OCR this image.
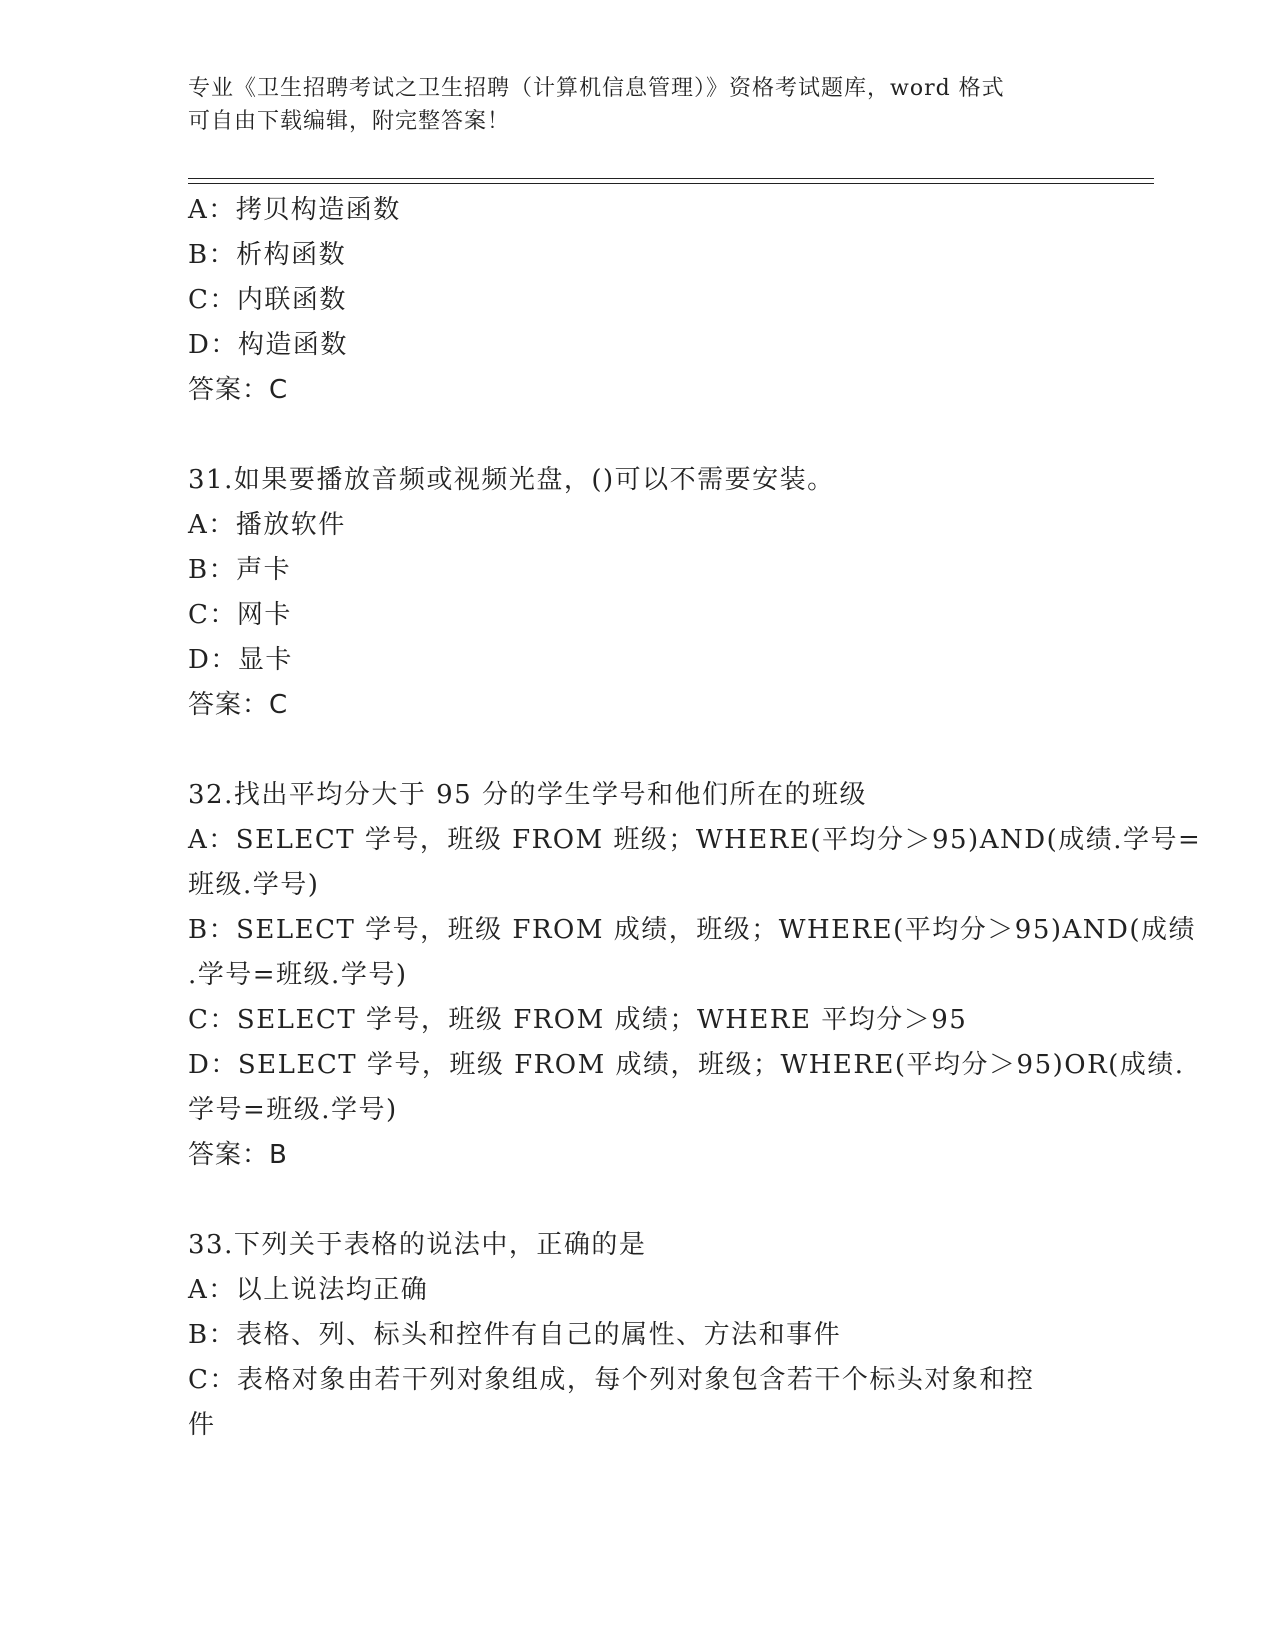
专业《卫生招聘考试之卫生招聘（计算机信息管理）》资格考试题库，word 格式
可自由下载编辑，附完整答案！
A：拷贝构造函数
B：析构函数
C：内联函数
D：构造函数
答案：C
31.如果要播放音频或视频光盘，()可以不需要安装。
A：播放软件
B：声卡
C：网卡
D：显卡
答案：C
32.找出平均分大于 95 分的学生学号和他们所在的班级
A：SELECT 学号，班级 FROM 班级；WHERE(平均分＞95)AND(成绩.学号=
班级.学号)
B：SELECT 学号，班级 FROM 成绩，班级；WHERE(平均分＞95)AND(成绩
.学号=班级.学号)
C：SELECT 学号，班级 FROM 成绩；WHERE 平均分＞95
D：SELECT 学号，班级 FROM 成绩，班级；WHERE(平均分＞95)OR(成绩.
学号=班级.学号)
答案：B
33.下列关于表格的说法中，正确的是
A：以上说法均正确
B：表格、列、标头和控件有自己的属性、方法和事件
C：表格对象由若干列对象组成，每个列对象包含若干个标头对象和控
件
